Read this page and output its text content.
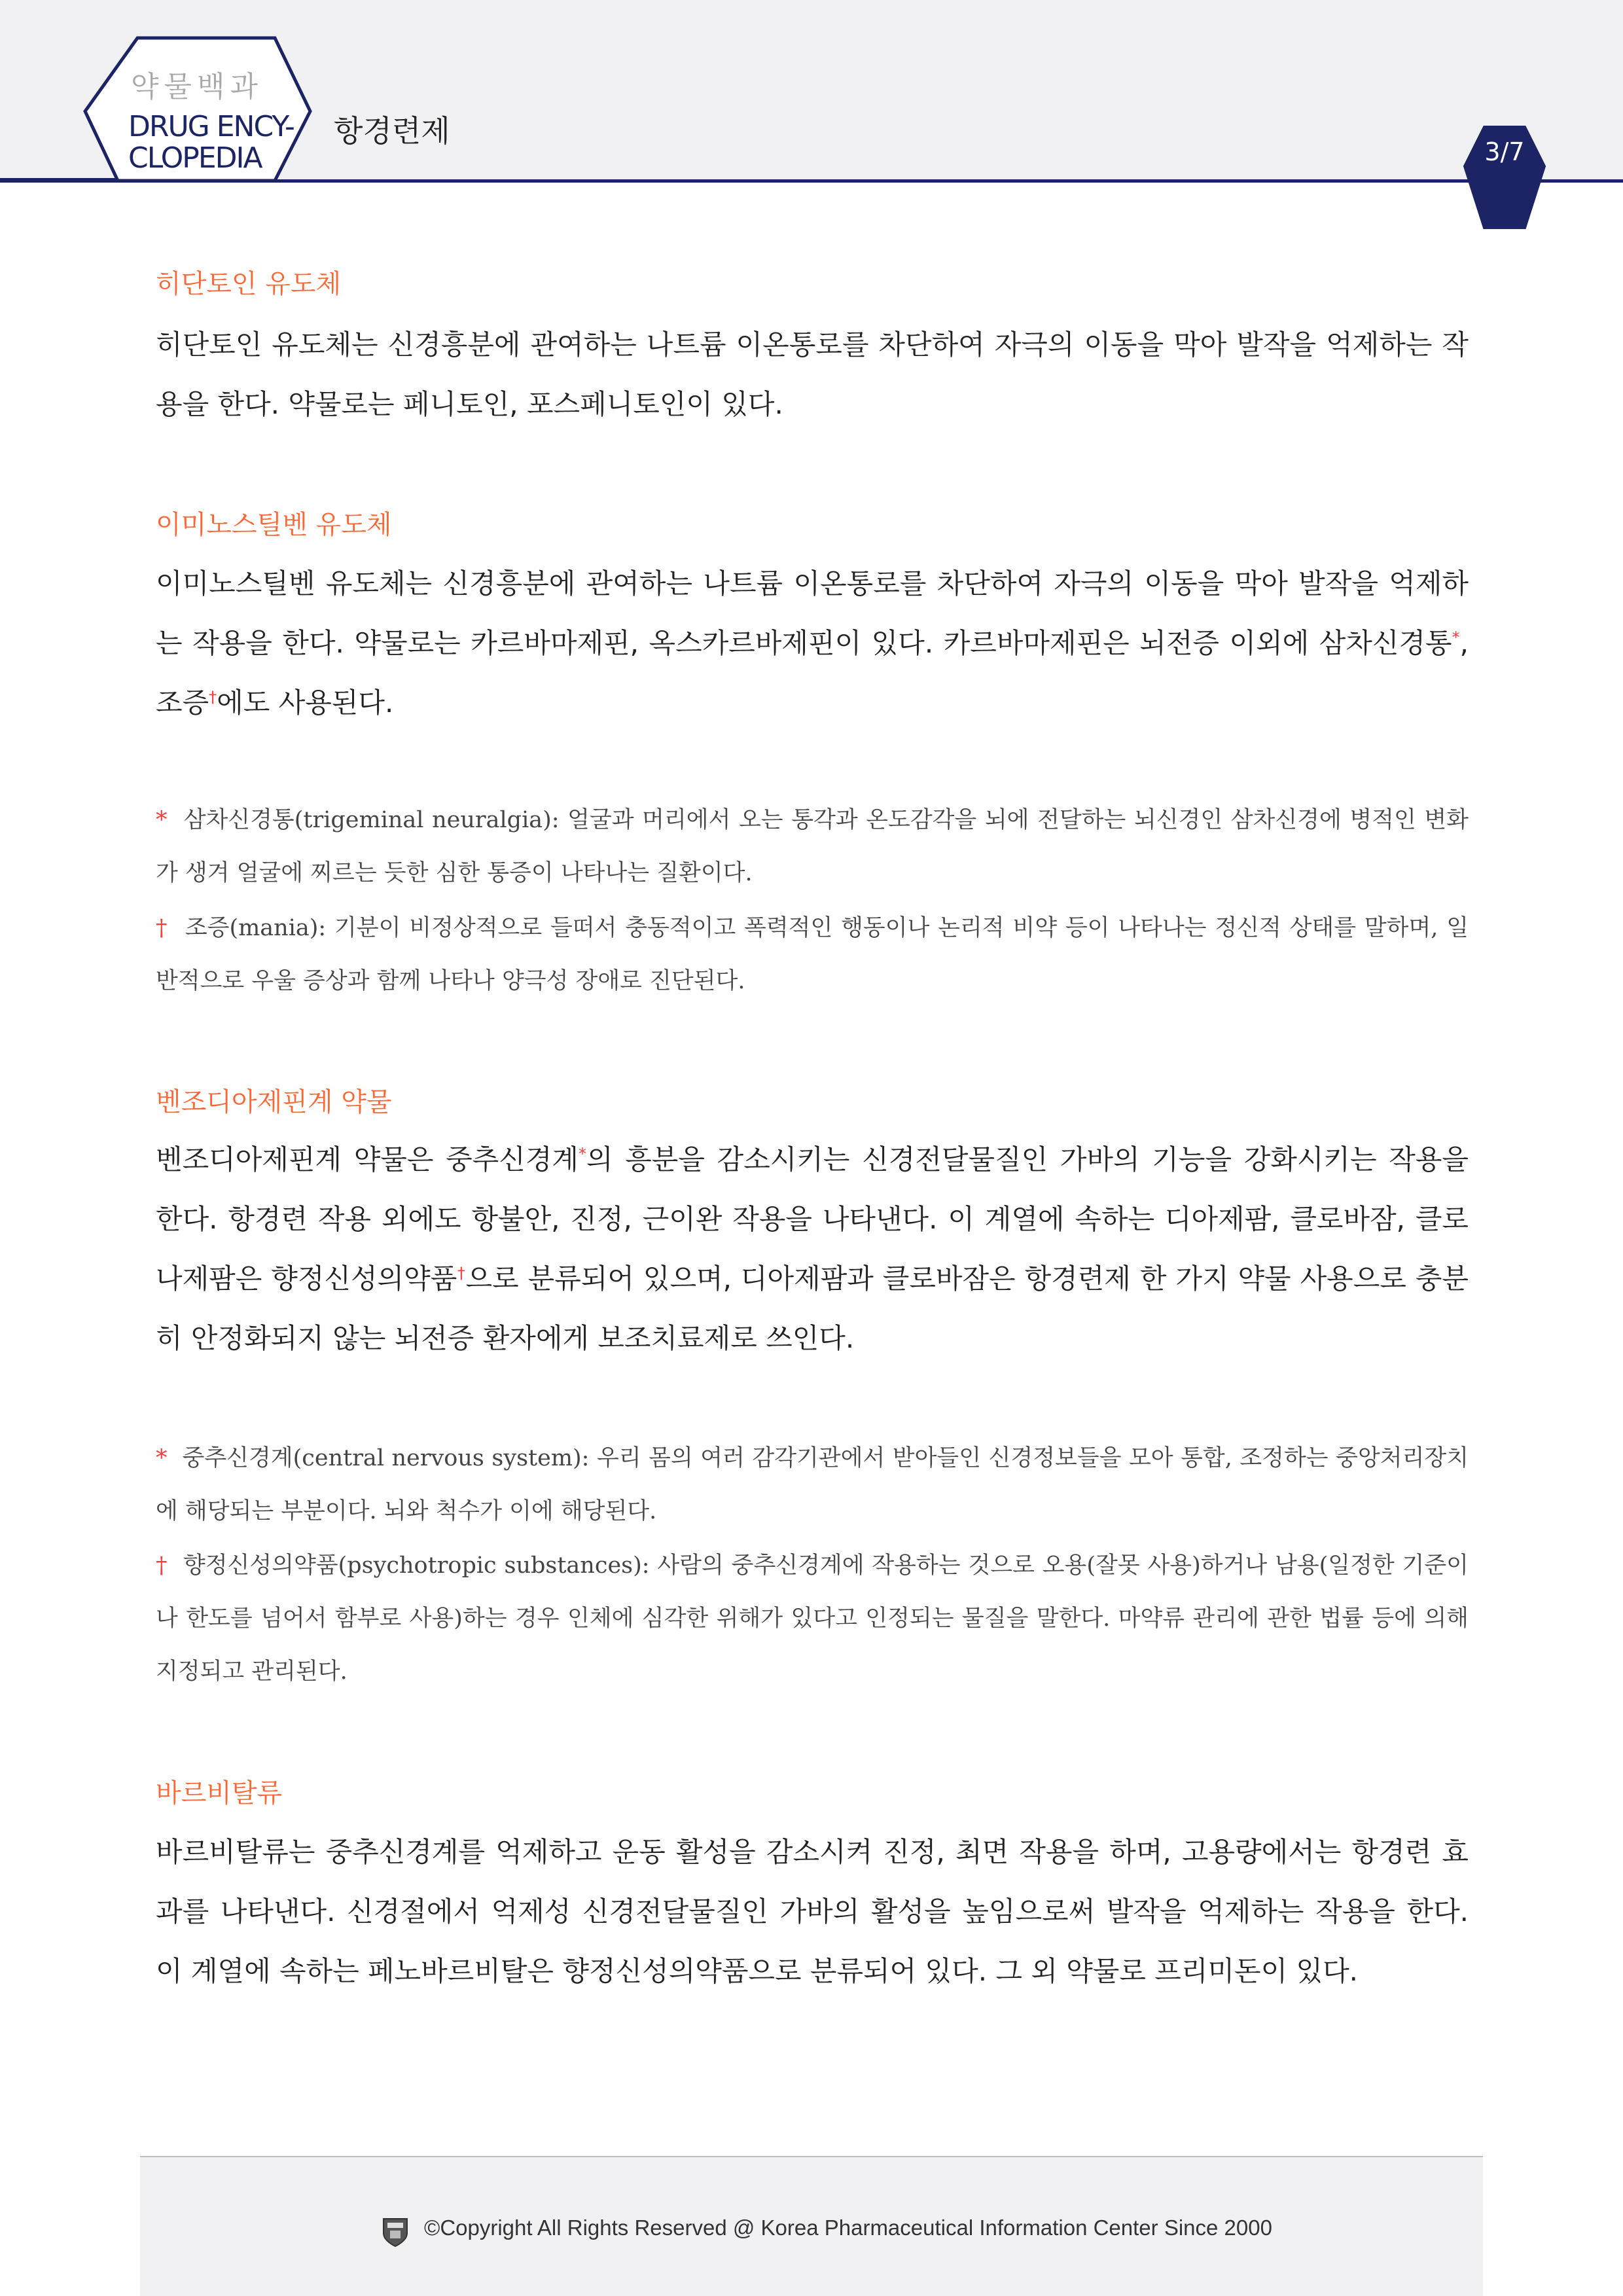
약물백과
DRUG ENCY-
CLOPEDIA
항경련제
3/7
히단토인 유도체
히단토인 유도체는 신경흥분에 관여하는 나트륨 이온통로를 차단하여 자극의 이동을 막아 발작을 억제하는 작용을 한다. 약물로는 페니토인, 포스페니토인이 있다.
이미노스틸벤 유도체
이미노스틸벤 유도체는 신경흥분에 관여하는 나트륨 이온통로를 차단하여 자극의 이동을 막아 발작을 억제하는 작용을 한다. 약물로는 카르바마제핀, 옥스카르바제핀이 있다. 카르바마제핀은 뇌전증 이외에 삼차신경통*, 조증†에도 사용된다.
* 삼차신경통(trigeminal neuralgia): 얼굴과 머리에서 오는 통각과 온도감각을 뇌에 전달하는 뇌신경인 삼차신경에 병적인 변화가 생겨 얼굴에 찌르는 듯한 심한 통증이 나타나는 질환이다.
† 조증(mania): 기분이 비정상적으로 들떠서 충동적이고 폭력적인 행동이나 논리적 비약 등이 나타나는 정신적 상태를 말하며, 일반적으로 우울 증상과 함께 나타나 양극성 장애로 진단된다.
벤조디아제핀계 약물
벤조디아제핀계 약물은 중추신경계*의 흥분을 감소시키는 신경전달물질인 가바의 기능을 강화시키는 작용을 한다. 항경련 작용 외에도 항불안, 진정, 근이완 작용을 나타낸다. 이 계열에 속하는 디아제팜, 클로바잠, 클로나제팜은 향정신성의약품†으로 분류되어 있으며, 디아제팜과 클로바잠은 항경련제 한 가지 약물 사용으로 충분히 안정화되지 않는 뇌전증 환자에게 보조치료제로 쓰인다.
* 중추신경계(central nervous system): 우리 몸의 여러 감각기관에서 받아들인 신경정보들을 모아 통합, 조정하는 중앙처리장치에 해당되는 부분이다. 뇌와 척수가 이에 해당된다.
† 향정신성의약품(psychotropic substances): 사람의 중추신경계에 작용하는 것으로 오용(잘못 사용)하거나 남용(일정한 기준이나 한도를 넘어서 함부로 사용)하는 경우 인체에 심각한 위해가 있다고 인정되는 물질을 말한다. 마약류 관리에 관한 법률 등에 의해 지정되고 관리된다.
바르비탈류
바르비탈류는 중추신경계를 억제하고 운동 활성을 감소시켜 진정, 최면 작용을 하며, 고용량에서는 항경련 효과를 나타낸다. 신경절에서 억제성 신경전달물질인 가바의 활성을 높임으로써 발작을 억제하는 작용을 한다. 이 계열에 속하는 페노바르비탈은 향정신성의약품으로 분류되어 있다. 그 외 약물로 프리미돈이 있다.
©Copyright All Rights Reserved @ Korea Pharmaceutical Information Center Since 2000
